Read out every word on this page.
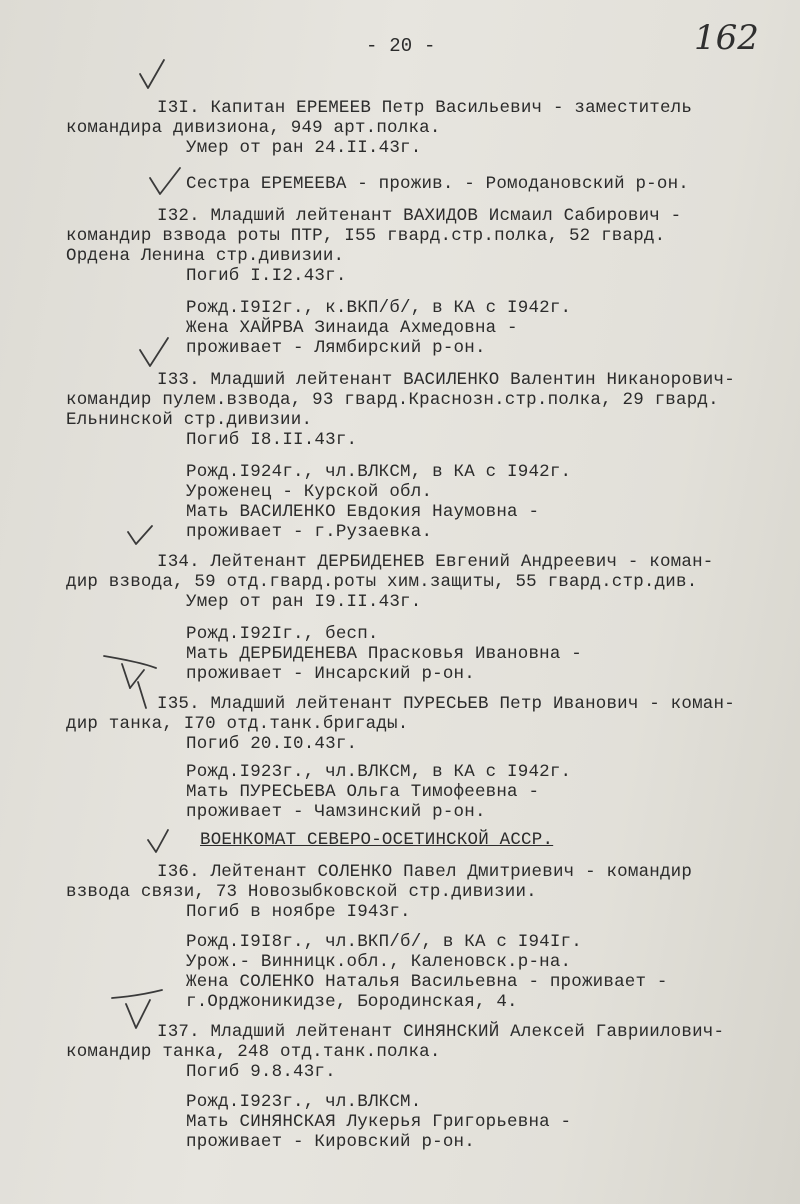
- 20 -	162
I3I. Капитан ЕРЕМЕЕВ Петр Васильевич - заместитель
командира дивизиона, 949 арт.полка.
Умер от ран 24.II.43г.
Сестра ЕРЕМЕЕВА - прожив. - Ромодановский р-он.
I32. Младший лейтенант ВАХИДОВ Исмаил Сабирович -
командир взвода роты ПТР, I55 гвард.стр.полка, 52 гвард.
Ордена Ленина стр.дивизии.
Погиб I.I2.43г.
Рожд.I9I2г., к.ВКП/б/, в КА с I942г.
Жена ХАЙРВА Зинаида Ахмедовна -
проживает - Лямбирский р-он.
I33. Младший лейтенант ВАСИЛЕНКО Валентин Никанорович-
командир пулем.взвода, 93 гвард.Краснозн.стр.полка, 29 гвард.
Ельнинской стр.дивизии.
Погиб I8.II.43г.
Рожд.I924г., чл.ВЛКСМ, в КА с I942г.
Уроженец - Курской обл.
Мать ВАСИЛЕНКО Евдокия Наумовна -
проживает - г.Рузаевка.
I34. Лейтенант ДЕРБИДЕНЕВ Евгений Андреевич - коман-
дир взвода, 59 отд.гвард.роты хим.защиты, 55 гвард.стр.див.
Умер от ран I9.II.43г.
Рожд.I92Iг., бесп.
Мать ДЕРБИДЕНЕВА Прасковья Ивановна -
проживает - Инсарский р-он.
I35. Младший лейтенант ПУРЕСЬЕВ Петр Иванович - коман-
дир танка, I70 отд.танк.бригады.
Погиб 20.I0.43г.
Рожд.I923г., чл.ВЛКСМ, в КА с I942г.
Мать ПУРЕСЬЕВА Ольга Тимофеевна -
проживает - Чамзинский р-он.
ВОЕНКОМАТ СЕВЕРО-ОСЕТИНСКОЙ АССР.
I36. Лейтенант СОЛЕНКО Павел Дмитриевич - командир
взвода связи, 73 Новозыбковской стр.дивизии.
Погиб в ноябре I943г.
Рожд.I9I8г., чл.ВКП/б/, в КА с I94Iг.
Урож.- Винницк.обл., Каленовск.р-на.
Жена СОЛЕНКО Наталья Васильевна - проживает -
г.Орджоникидзе, Бородинская, 4.
I37. Младший лейтенант СИНЯНСКИЙ Алексей Гавриилович-
командир танка, 248 отд.танк.полка.
Погиб 9.8.43г.
Рожд.I923г., чл.ВЛКСМ.
Мать СИНЯНСКАЯ Лукерья Григорьевна -
проживает - Кировский р-он.
